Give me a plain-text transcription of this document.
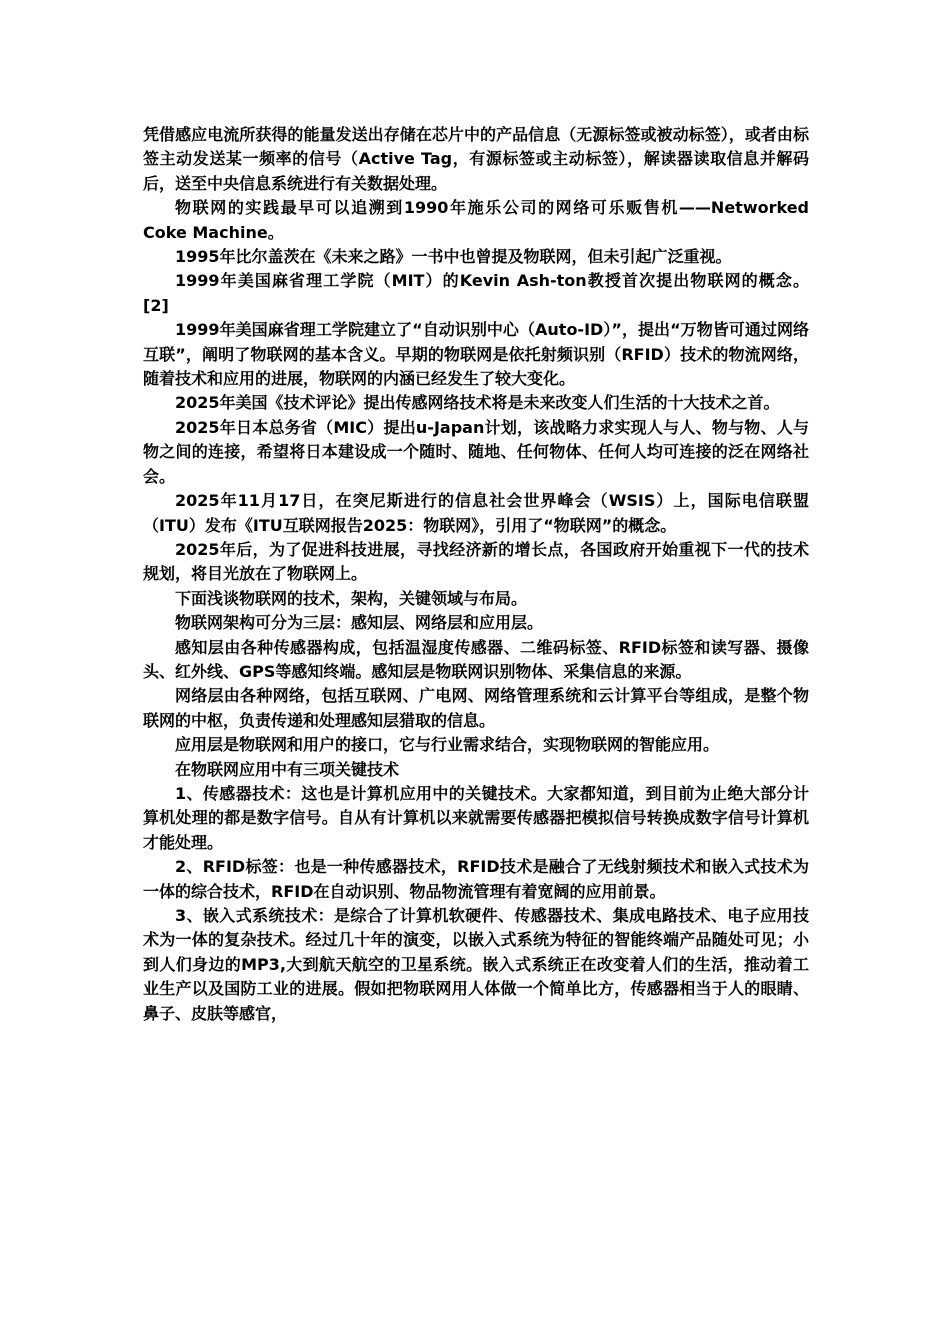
凭借感应电流所获得的能量发送出存储在芯片中的产品信息（无源标签或被动标签），或者由标签主动发送某一频率的信号（Active Tag，有源标签或主动标签），解读器读取信息并解码后，送至中央信息系统进行有关数据处理。

物联网的实践最早可以追溯到1990年施乐公司的网络可乐贩售机——Networked Coke Machine。

1995年比尔盖茨在《未来之路》一书中也曾提及物联网，但未引起广泛重视。

1999年美国麻省理工学院（MIT）的Kevin Ash-ton教授首次提出物联网的概念。 [2]

1999年美国麻省理工学院建立了“自动识别中心（Auto-ID）”，提出“万物皆可通过网络互联”，阐明了物联网的基本含义。早期的物联网是依托射频识别（RFID）技术的物流网络，随着技术和应用的进展，物联网的内涵已经发生了较大变化。

2025年美国《技术评论》提出传感网络技术将是未来改变人们生活的十大技术之首。

2025年日本总务省（MIC）提出u-Japan计划，该战略力求实现人与人、物与物、人与物之间的连接，希望将日本建设成一个随时、随地、任何物体、任何人均可连接的泛在网络社会。

2025年11月17日，在突尼斯进行的信息社会世界峰会（WSIS）上，国际电信联盟（ITU）发布《ITU互联网报告2025：物联网》，引用了“物联网”的概念。

2025年后，为了促进科技进展，寻找经济新的增长点，各国政府开始重视下一代的技术规划，将目光放在了物联网上。

下面浅谈物联网的技术，架构，关键领域与布局。

物联网架构可分为三层：感知层、网络层和应用层。

感知层由各种传感器构成，包括温湿度传感器、二维码标签、RFID标签和读写器、摄像头、红外线、GPS等感知终端。感知层是物联网识别物体、采集信息的来源。

网络层由各种网络，包括互联网、广电网、网络管理系统和云计算平台等组成，是整个物联网的中枢，负责传递和处理感知层猎取的信息。

应用层是物联网和用户的接口，它与行业需求结合，实现物联网的智能应用。

在物联网应用中有三项关键技术

1、传感器技术：这也是计算机应用中的关键技术。大家都知道，到目前为止绝大部分计算机处理的都是数字信号。自从有计算机以来就需要传感器把模拟信号转换成数字信号计算机才能处理。

2、RFID标签：也是一种传感器技术，RFID技术是融合了无线射频技术和嵌入式技术为一体的综合技术，RFID在自动识别、物品物流管理有着宽阔的应用前景。

3、嵌入式系统技术：是综合了计算机软硬件、传感器技术、集成电路技术、电子应用技术为一体的复杂技术。经过几十年的演变，以嵌入式系统为特征的智能终端产品随处可见；小到人们身边的MP3,大到航天航空的卫星系统。嵌入式系统正在改变着人们的生活，推动着工业生产以及国防工业的进展。假如把物联网用人体做一个简单比方，传感器相当于人的眼睛、鼻子、皮肤等感官，
